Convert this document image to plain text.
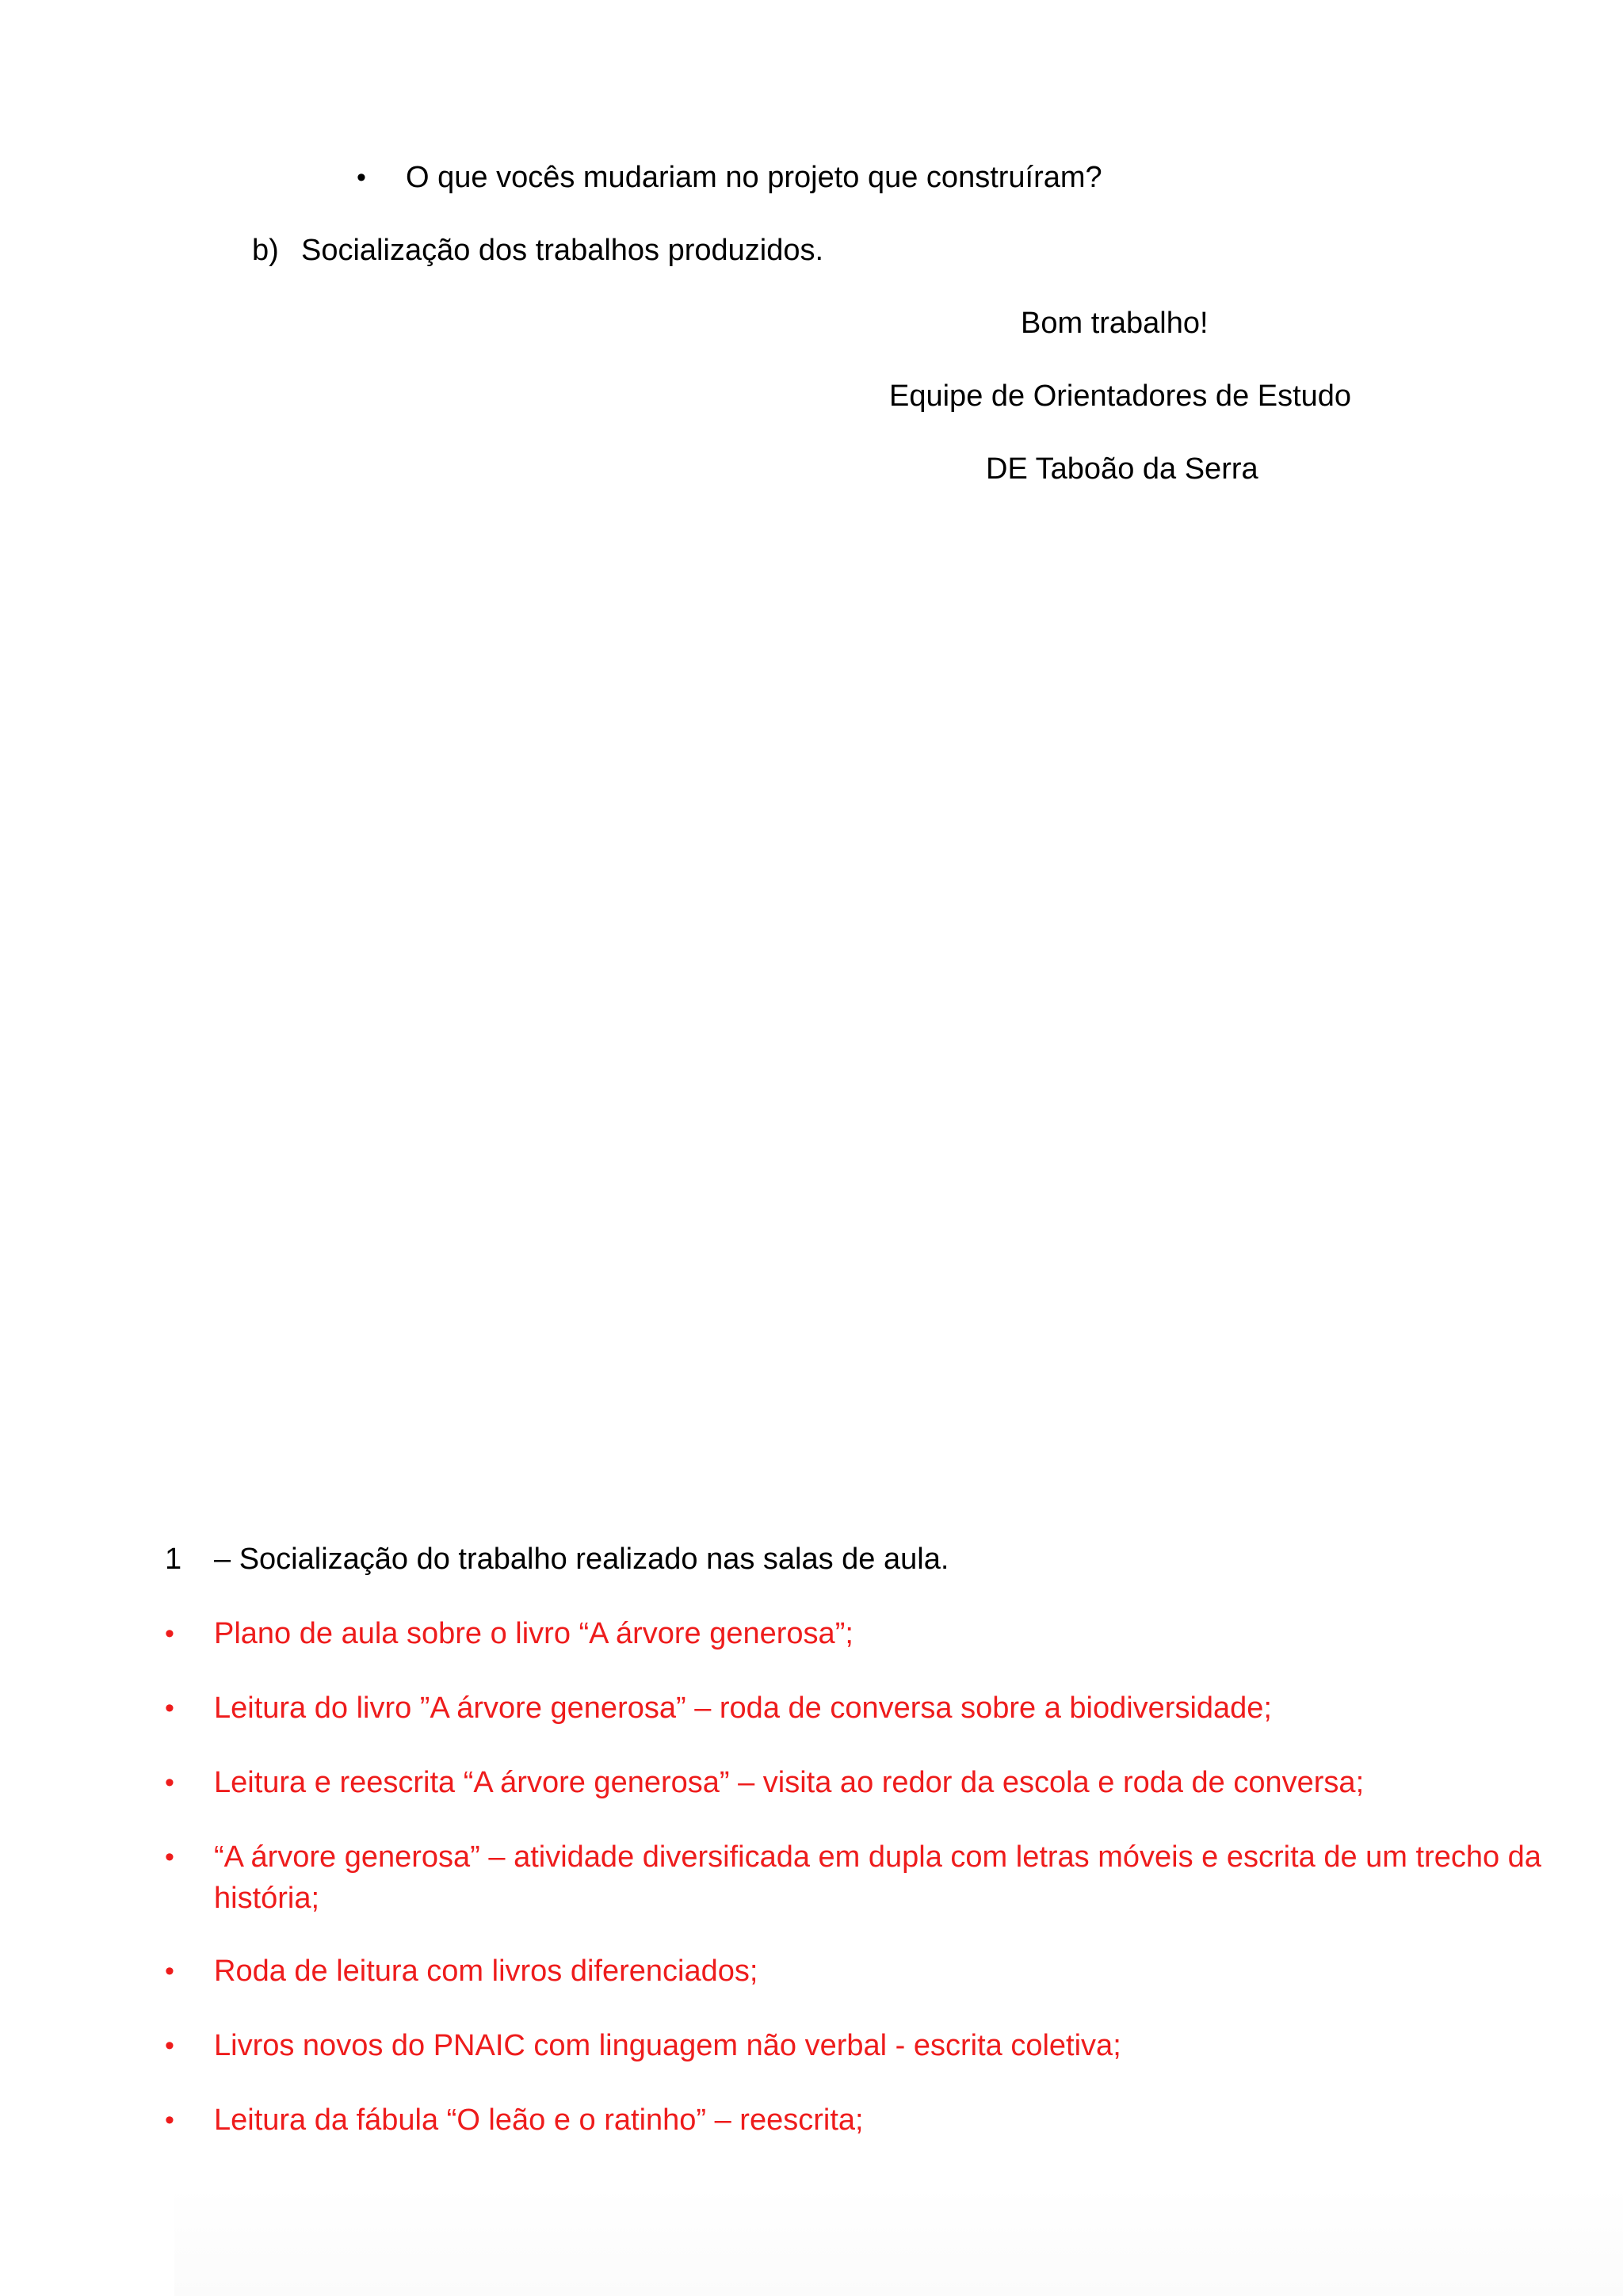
• O que vocês mudariam no projeto que construíram?
b) Socialização dos trabalhos produzidos.
Bom trabalho!
Equipe de Orientadores de Estudo
DE Taboão da Serra
1 – Socialização do trabalho realizado nas salas de aula.
• Plano de aula sobre o livro “A árvore generosa”;
• Leitura do livro ”A árvore generosa” – roda de conversa sobre a biodiversidade;
• Leitura e reescrita “A árvore generosa” – visita ao redor da escola e roda de conversa;
• “A árvore generosa” – atividade diversificada em dupla com letras móveis e escrita de um trecho da história;
• Roda de leitura com livros diferenciados;
• Livros novos do PNAIC com linguagem não verbal - escrita coletiva;
• Leitura da fábula “O leão e o ratinho” – reescrita;
